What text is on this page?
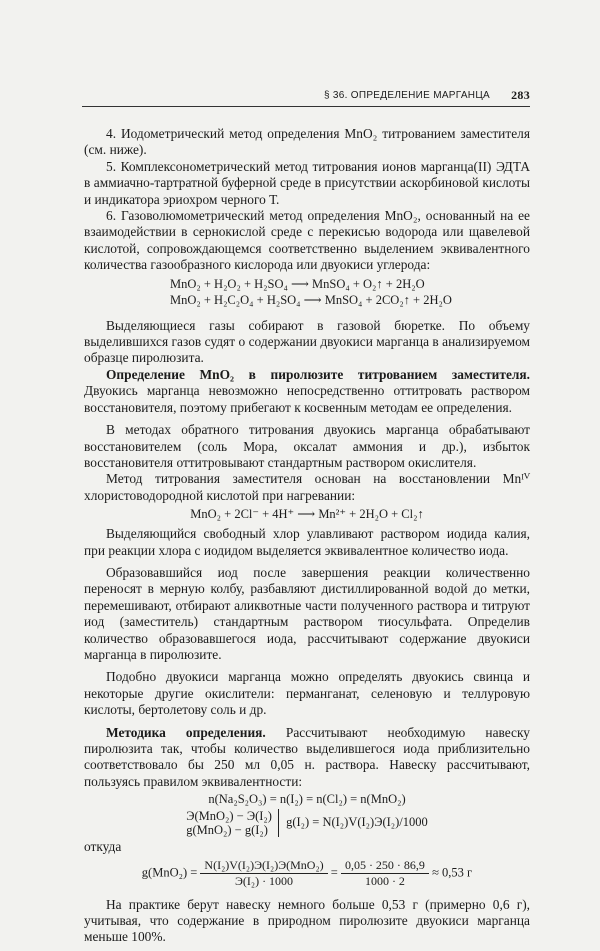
§ 36. ОПРЕДЕЛЕНИЕ МАРГАНЦА 283

4. Иодометрический метод определения MnO₂ титрованием заместителя (см. ниже).

5. Комплексонометрический метод титрования ионов марганца(II) ЭДТА в аммиачно-тартратной буферной среде в присутствии аскорбиновой кислоты и индикатора эриохром черного Т.

6. Газоволюмометрический метод определения MnO₂, основанный на ее взаимодействии в сернокислой среде с перекисью водорода или щавелевой кислотой, сопровождающемся соответственно выделением эквивалентного количества газообразного кислорода или двуокиси углерода:

MnO₂ + H₂O₂ + H₂SO₄ ⟶ MnSO₄ + O₂↑ + 2H₂O
MnO₂ + H₂C₂O₄ + H₂SO₄ ⟶ MnSO₄ + 2CO₂↑ + 2H₂O

Выделяющиеся газы собирают в газовой бюретке. По объему выделившихся газов судят о содержании двуокиси марганца в анализируемом образце пиролюзита.

Определение MnO₂ в пиролюзите титрованием заместителя. Двуокись марганца невозможно непосредственно оттитровать раствором восстановителя, поэтому прибегают к косвенным методам ее определения.

В методах обратного титрования двуокись марганца обрабатывают восстановителем (соль Мора, оксалат аммония и др.), избыток восстановителя оттитровывают стандартным раствором окислителя.

Метод титрования заместителя основан на восстановлении Mnᴵⱽ хлористоводородной кислотой при нагревании:

MnO₂ + 2Cl⁻ + 4H⁺ ⟶ Mn²⁺ + 2H₂O + Cl₂↑

Выделяющийся свободный хлор улавливают раствором иодида калия, при реакции хлора с иодидом выделяется эквивалентное количество иода.

Образовавшийся иод после завершения реакции количественно переносят в мерную колбу, разбавляют дистиллированной водой до метки, перемешивают, отбирают аликвотные части полученного раствора и титруют иод (заместитель) стандартным раствором тиосульфата. Определив количество образовавшегося иода, рассчитывают содержание двуокиси марганца в пиролюзите.

Подобно двуокиси марганца можно определять двуокись свинца и некоторые другие окислители: перманганат, селеновую и теллуровую кислоты, бертолетову соль и др.

Методика определения. Рассчитывают необходимую навеску пиролюзита так, чтобы количество выделившегося иода приблизительно соответствовало бы 250 мл 0,05 н. раствора. Навеску рассчитывают, пользуясь правилом эквивалентности:

n(Na₂S₂O₃) = n(I₂) = n(Cl₂) = n(MnO₂)
Э(MnO₂) − Э(I₂)
g(MnO₂) − g(I₂) g(I₂) = N(I₂)V(I₂)Э(I₂)/1000
откуда
$g(MnO_2) = \frac{\text{N(I₂)V(I₂)Э(I₂)Э(MnO₂)}}{\text{Э(I₂) · 1000}} = \frac{0,05 \cdot 250 \cdot 86,9}{1000 \cdot 2} \approx 0,53$ г

На практике берут навеску немного больше 0,53 г (примерно 0,6 г), учитывая, что содержание в природном пиролюзите двуокиси марганца меньше 100%.
